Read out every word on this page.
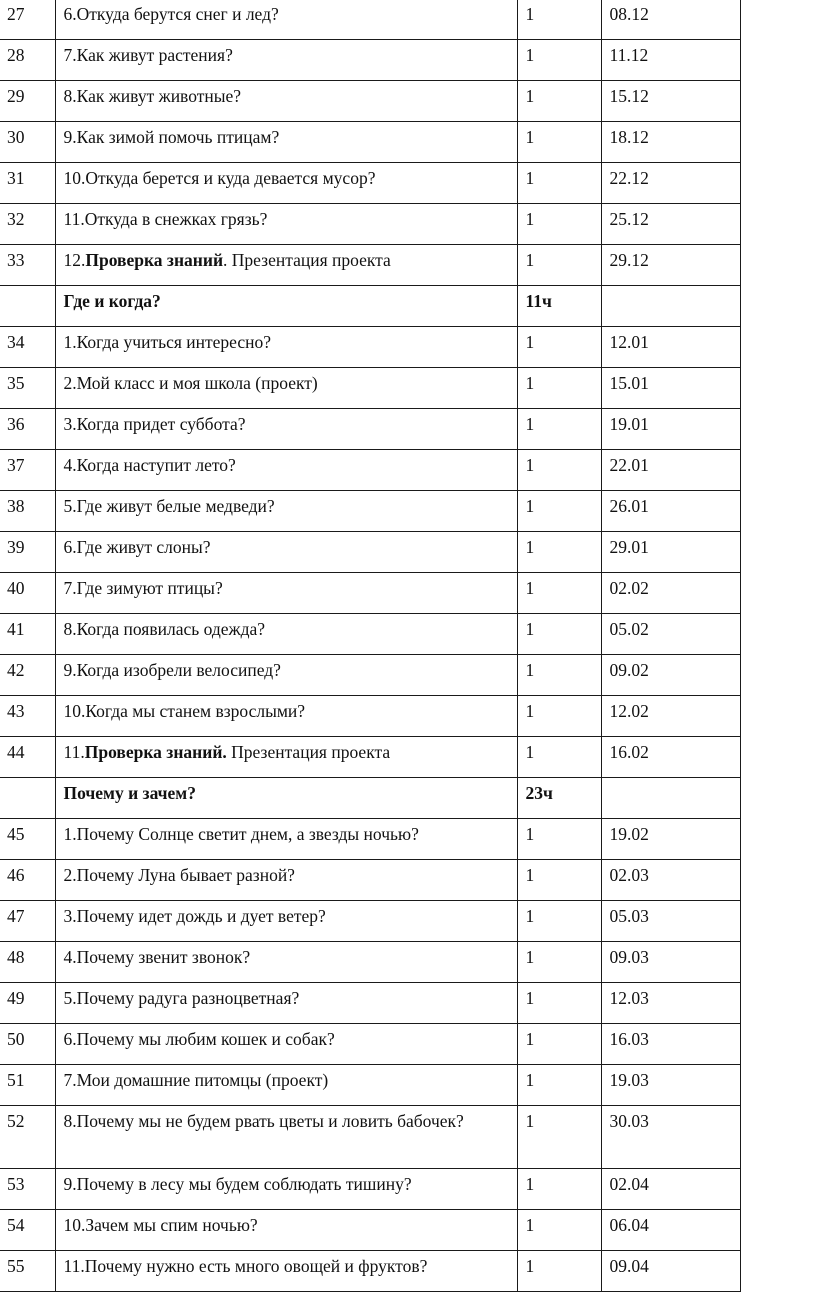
27	6.Откуда берутся снег и лед?	1	08.12
28	7.Как живут растения?	1	11.12
29	8.Как живут животные?	1	15.12
30	9.Как зимой помочь птицам?	1	18.12
31	10.Откуда берется и куда девается мусор?	1	22.12
32	11.Откуда в снежках грязь?	1	25.12
33	12.Проверка знаний. Презентация проекта	1	29.12
	Где и когда?	11ч	
34	1.Когда учиться интересно?	1	12.01
35	2.Мой класс и моя школа (проект)	1	15.01
36	3.Когда придет суббота?	1	19.01
37	4.Когда наступит лето?	1	22.01
38	5.Где живут белые медведи?	1	26.01
39	6.Где живут слоны?	1	29.01
40	7.Где зимуют птицы?	1	02.02
41	8.Когда появилась одежда?	1	05.02
42	9.Когда изобрели велосипед?	1	09.02
43	10.Когда мы станем взрослыми?	1	12.02
44	11.Проверка знаний. Презентация проекта	1	16.02
	Почему и зачем?	23ч	
45	1.Почему Солнце светит днем, а звезды ночью?	1	19.02
46	2.Почему Луна бывает разной?	1	02.03
47	3.Почему идет дождь и дует ветер?	1	05.03
48	4.Почему звенит звонок?	1	09.03
49	5.Почему радуга разноцветная?	1	12.03
50	6.Почему мы любим кошек и собак?	1	16.03
51	7.Мои домашние питомцы (проект)	1	19.03
52	8.Почему мы не будем рвать цветы и ловить бабочек?	1	30.03
53	9.Почему в лесу мы будем соблюдать тишину?	1	02.04
54	10.Зачем мы спим ночью?	1	06.04
55	11.Почему нужно есть много овощей и фруктов?	1	09.04
